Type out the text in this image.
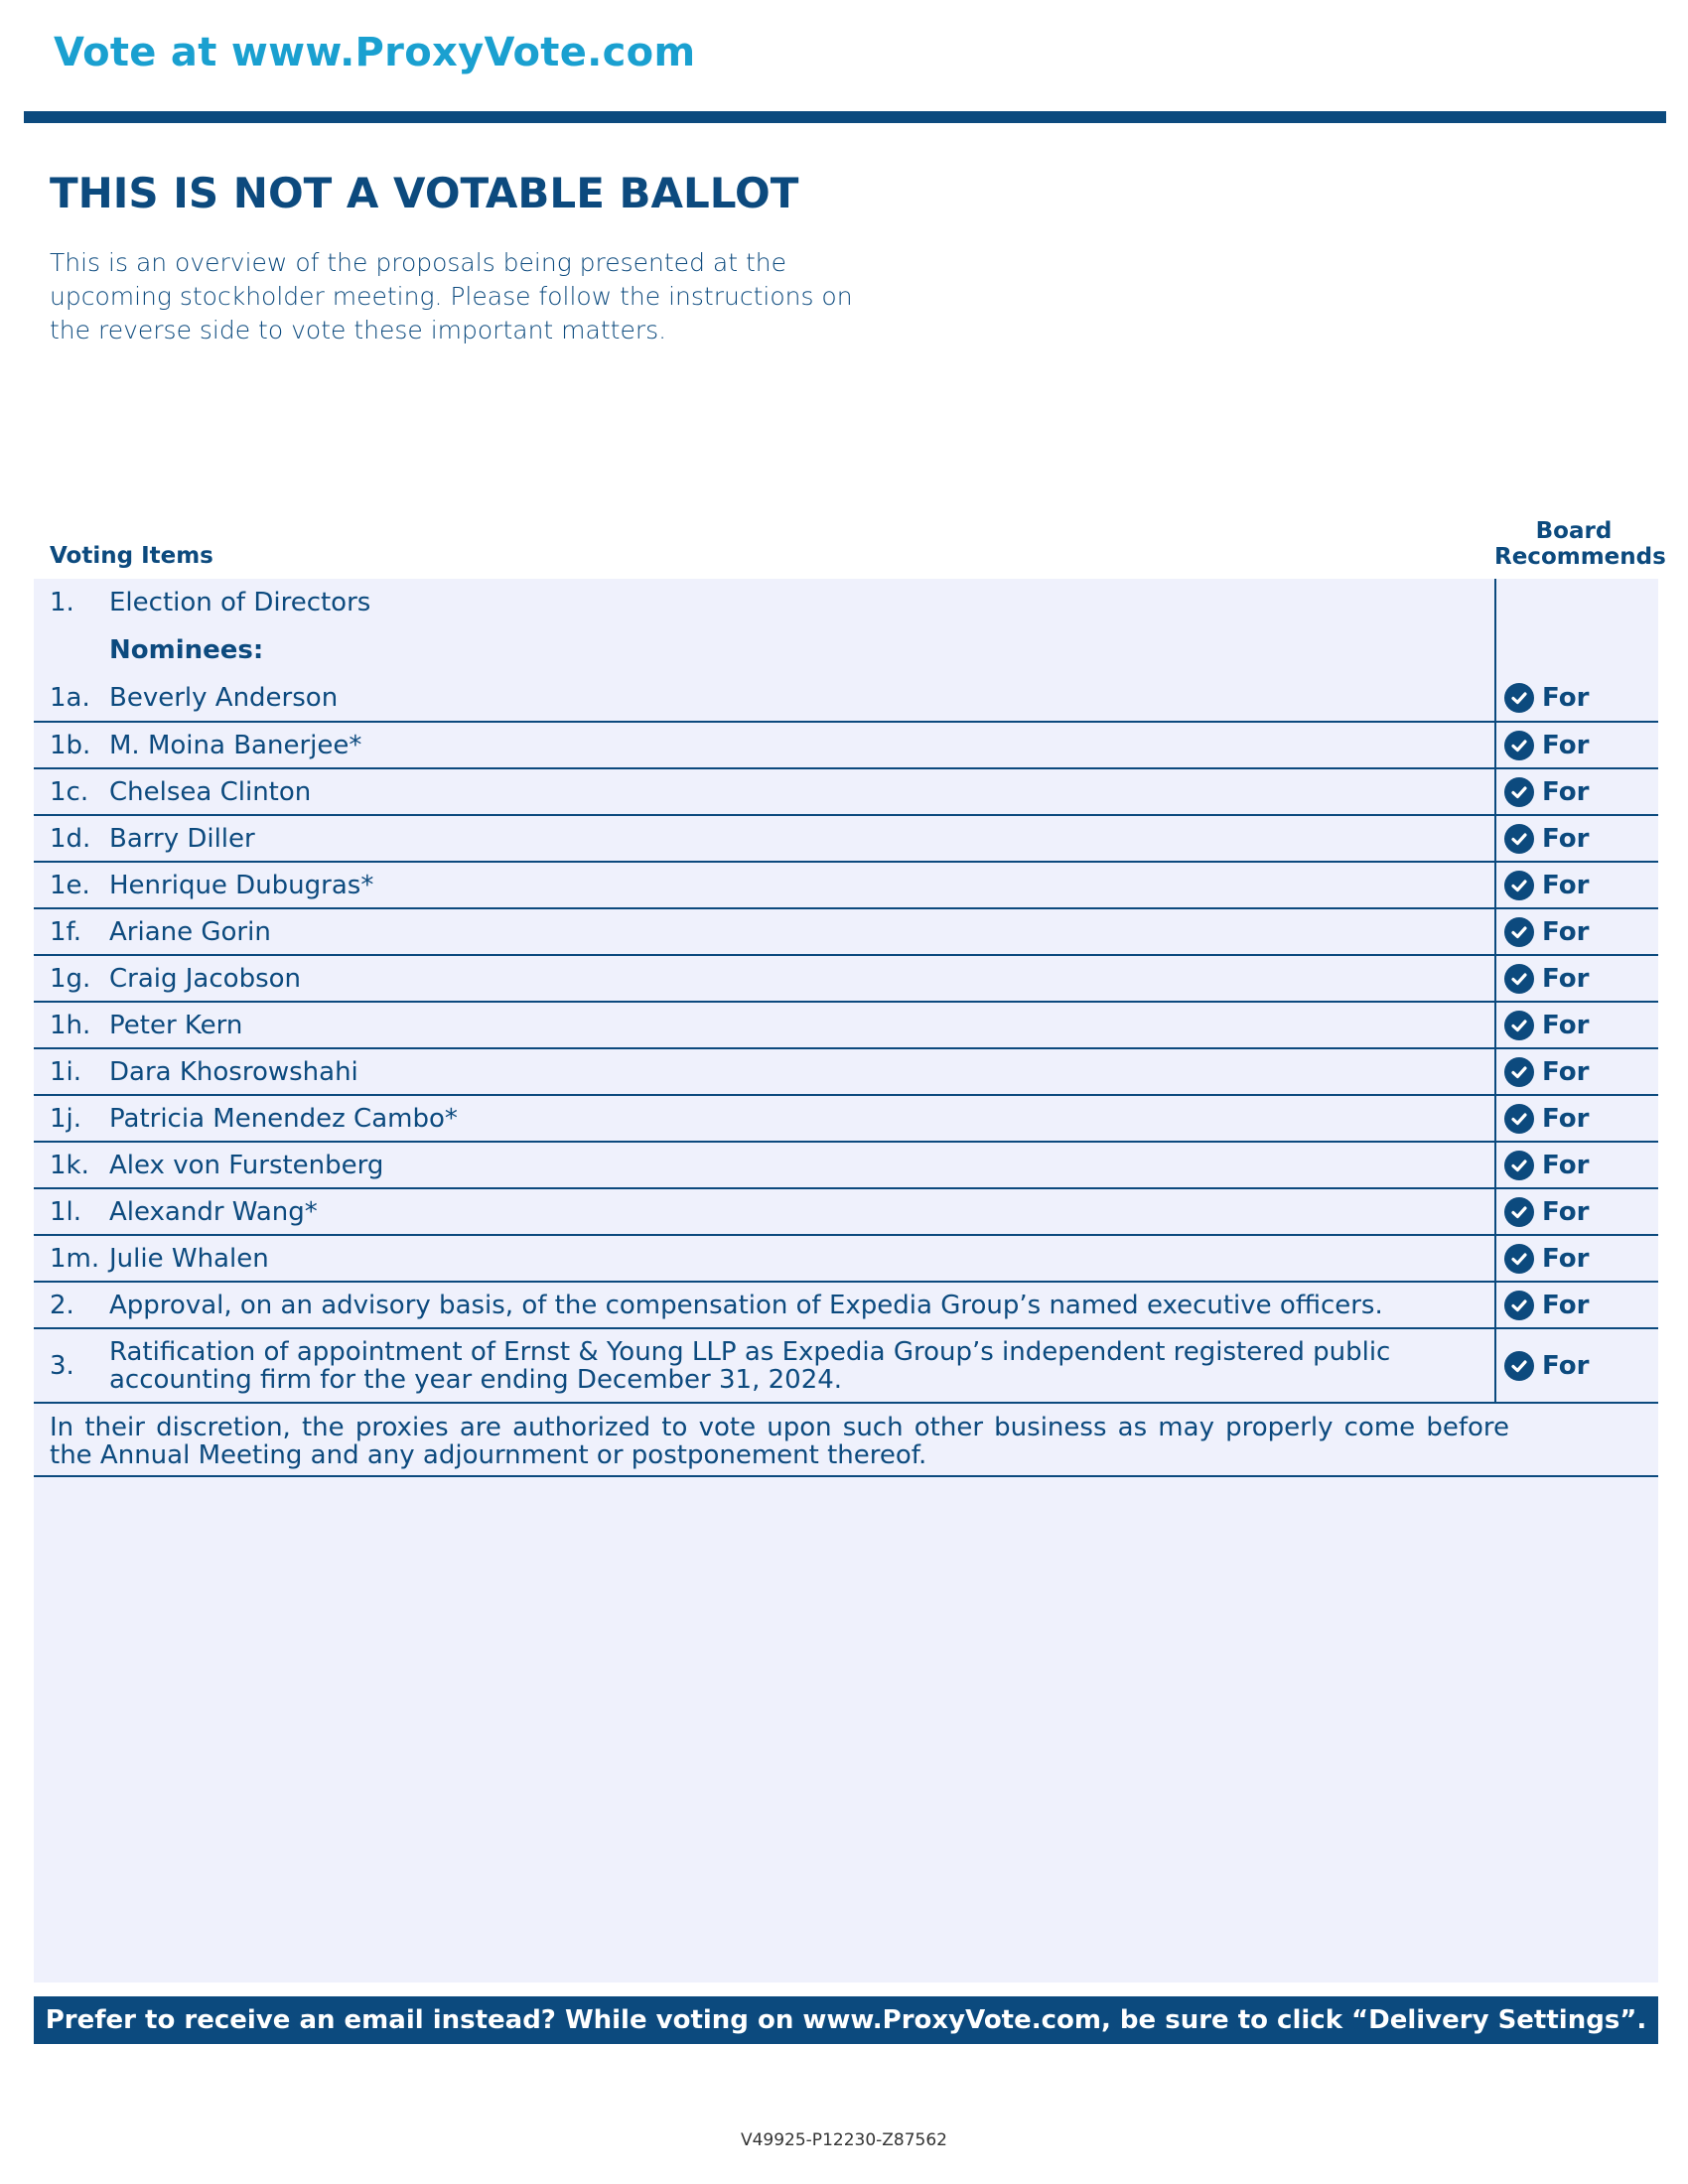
Vote at www.ProxyVote.com
THIS IS NOT A VOTABLE BALLOT
This is an overview of the proposals being presented at the upcoming stockholder meeting. Please follow the instructions on the reverse side to vote these important matters.
Voting Items
Board
Recommends
1.	Election of Directors
Nominees:
1a. Beverly Anderson	For
1b. M. Moina Banerjee*	For
1c. Chelsea Clinton	For
1d. Barry Diller	For
1e. Henrique Dubugras*	For
1f.	Ariane Gorin	For
1g. Craig Jacobson	For
1h. Peter Kern	For
1i.	Dara Khosrowshahi	For
1j.	Patricia Menendez Cambo*	For
1k. Alex von Furstenberg	For
1l.	Alexandr Wang*	For
1m. Julie Whalen	For
2.	Approval, on an advisory basis, of the compensation of Expedia Group’s named executive officers.	For
3.	Ratification of appointment of Ernst & Young LLP as Expedia Group’s independent registered public accounting firm for the year ending December 31, 2024.	For
In their discretion, the proxies are authorized to vote upon such other business as may properly come before the Annual Meeting and any adjournment or postponement thereof.
Prefer to receive an email instead? While voting on www.ProxyVote.com, be sure to click “Delivery Settings”.
V49925-P12230-Z87562
